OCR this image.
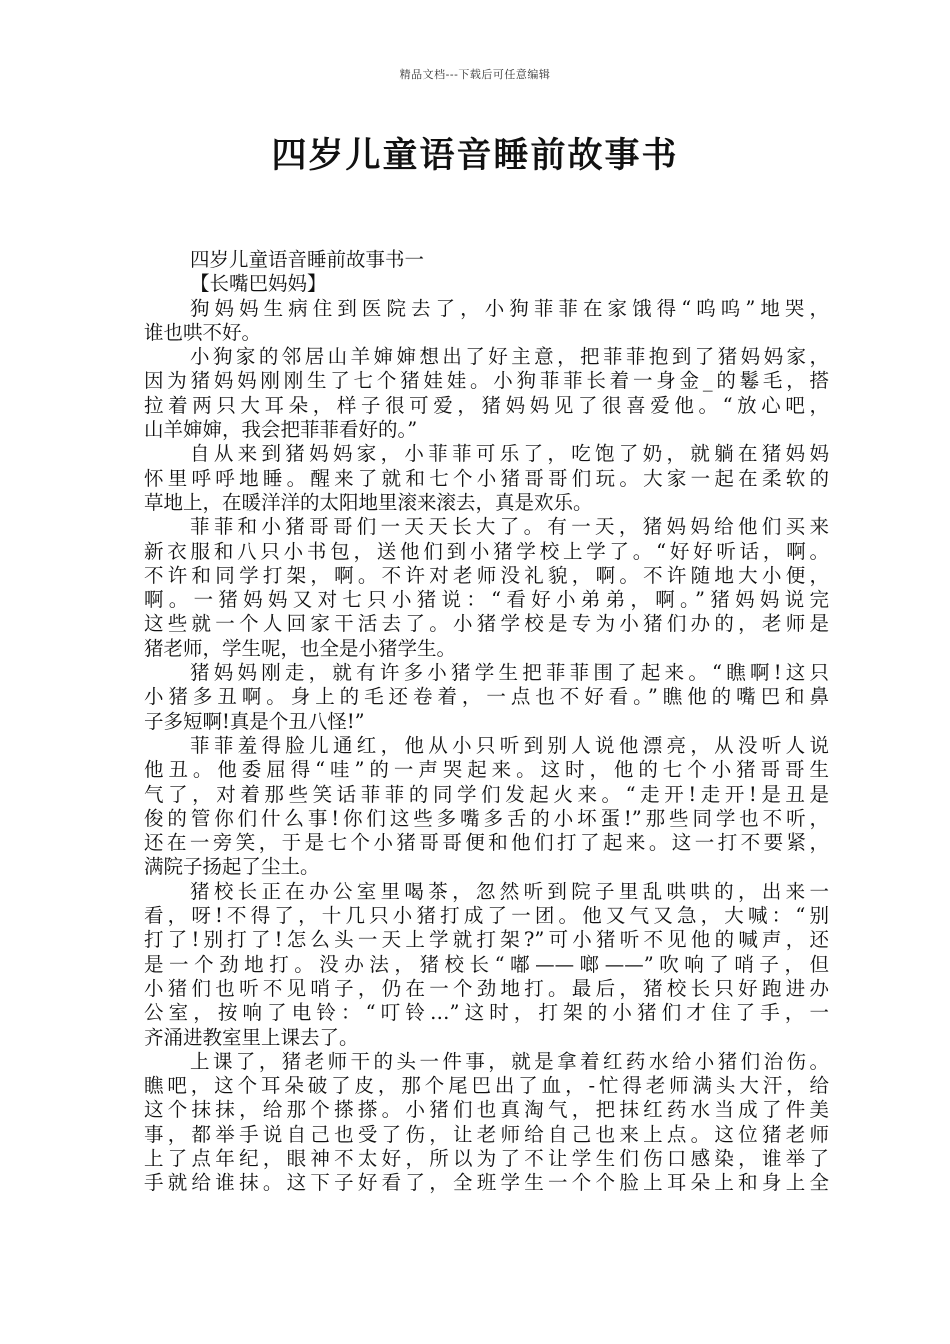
精品文档---下载后可任意编辑
四岁儿童语音睡前故事书
四岁儿童语音睡前故事书一
【长嘴巴妈妈】
狗妈妈生病住到医院去了，小狗菲菲在家饿得“呜呜”地哭，
谁也哄不好。
小狗家的邻居山羊婶婶想出了好主意，把菲菲抱到了猪妈妈家，
因为猪妈妈刚刚生了七个猪娃娃。小狗菲菲长着一身金_的鬈毛，搭
拉着两只大耳朵，样子很可爱，猪妈妈见了很喜爱他。“放心吧，
山羊婶婶，我会把菲菲看好的。”
自从来到猪妈妈家，小菲菲可乐了，吃饱了奶，就躺在猪妈妈
怀里呼呼地睡。醒来了就和七个小猪哥哥们玩。大家一起在柔软的
草地上，在暖洋洋的太阳地里滚来滚去，真是欢乐。
菲菲和小猪哥哥们一天天长大了。有一天，猪妈妈给他们买来
新衣服和八只小书包，送他们到小猪学校上学了。“好好听话，啊。
不许和同学打架，啊。不许对老师没礼貌，啊。不许随地大小便，
啊。一猪妈妈又对七只小猪说：“看好小弟弟，啊。”猪妈妈说完
这些就一个人回家干活去了。小猪学校是专为小猪们办的，老师是
猪老师，学生呢，也全是小猪学生。
猪妈妈刚走，就有许多小猪学生把菲菲围了起来。“瞧啊!这只
小猪多丑啊。身上的毛还卷着，一点也不好看。”瞧他的嘴巴和鼻
子多短啊!真是个丑八怪!”
菲菲羞得脸儿通红，他从小只听到别人说他漂亮，从没听人说
他丑。他委屈得“哇”的一声哭起来。这时，他的七个小猪哥哥生
气了，对着那些笑话菲菲的同学们发起火来。“走开!走开!是丑是
俊的管你们什么事!你们这些多嘴多舌的小坏蛋!”那些同学也不听，
还在一旁笑，于是七个小猪哥哥便和他们打了起来。这一打不要紧，
满院子扬起了尘土。
猪校长正在办公室里喝茶，忽然听到院子里乱哄哄的，出来一
看，呀!不得了，十几只小猪打成了一团。他又气又急，大喊：“别
打了!别打了!怎么头一天上学就打架?”可小猪听不见他的喊声，还
是一个劲地打。没办法，猪校长“嘟——啷——”吹响了哨子，但
小猪们也听不见哨子，仍在一个劲地打。最后，猪校长只好跑进办
公室，按响了电铃：“叮铃…”这时，打架的小猪们才住了手，一
齐涌进教室里上课去了。
上课了，猪老师干的头一件事，就是拿着红药水给小猪们治伤。
瞧吧，这个耳朵破了皮，那个尾巴出了血，-忙得老师满头大汗，给
这个抹抹，给那个搽搽。小猪们也真淘气，把抹红药水当成了件美
事，都举手说自己也受了伤，让老师给自己也来上点。这位猪老师
上了点年纪，眼神不太好，所以为了不让学生们伤口感染，谁举了
手就给谁抹。这下子好看了，全班学生一个个脸上耳朵上和身上全
